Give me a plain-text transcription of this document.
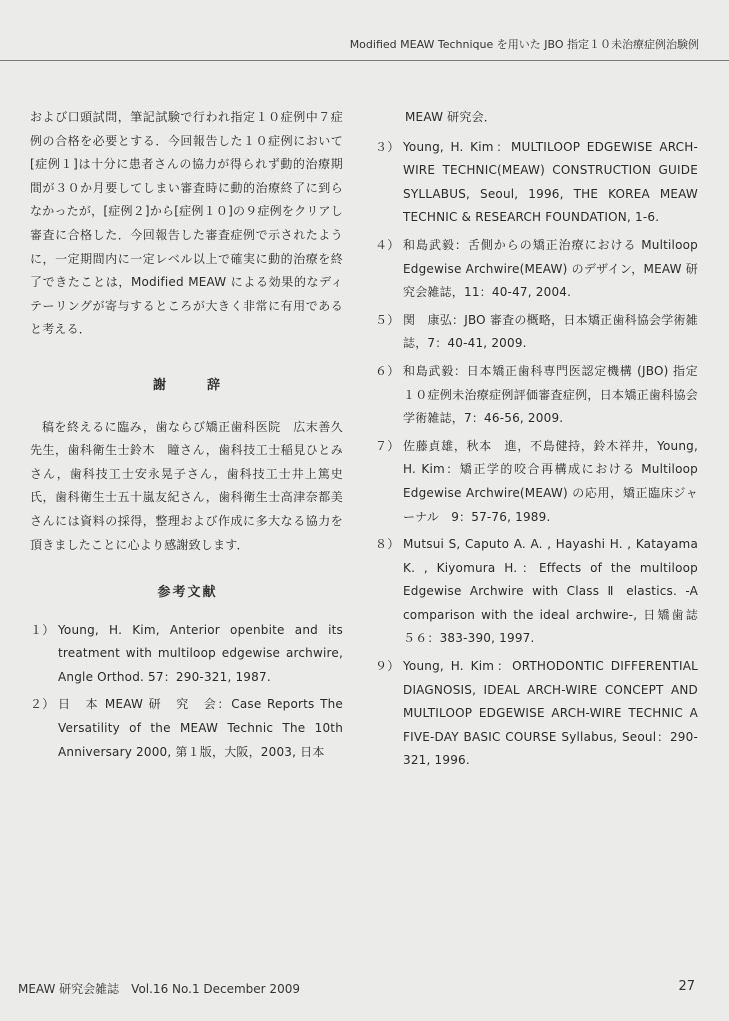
Modified MEAW Technique を用いた JBO 指定１０未治療症例治験例

および口頭試問，筆記試験で行われ指定１０症例中７症例の合格を必要とする．今回報告した１０症例において[症例１]は十分に患者さんの協力が得られず動的治療期間が３０か月要してしまい審査時に動的治療終了に到らなかったが，[症例２]から[症例１０]の９症例をクリアし審査に合格した．今回報告した審査症例で示されたように，一定期間内に一定レベル以上で確実に動的治療を終了できたことは，Modified MEAW による効果的なディテーリングが寄与するところが大きく非常に有用であると考える．

謝　辞

稿を終えるに臨み，歯ならび矯正歯科医院　広末善久先生，歯科衛生士鈴木　瞳さん，歯科技工士稲見ひとみさん，歯科技工士安永晃子さん，歯科技工士井上篤史氏，歯科衛生士五十嵐友紀さん，歯科衛生士高津奈都美さんには資料の採得，整理および作成に多大なる協力を頂きましたことに心より感謝致します．

参考文献
１） Young, H. Kim, Anterior openbite and its treatment with multiloop edgewise archwire, Angle Orthod. 57：290-321, 1987.
２） 日　本 MEAW 研　究　会：Case Reports The Versatility of the MEAW Technic The 10th Anniversary 2000, 第１版，大阪，2003, 日本
MEAW 研究会．
３） Young, H. Kim：MULTILOOP EDGEWISE ARCH-WIRE TECHNIC(MEAW) CONSTRUCTION GUIDE SYLLABUS, Seoul, 1996, THE KOREA MEAW TECHNIC & RESEARCH FOUNDATION, 1-6.
４） 和島武毅：舌側からの矯正治療における Multiloop Edgewise Archwire(MEAW) のデザイン，MEAW 研究会雑誌，11：40-47, 2004.
５） 関　康弘：JBO 審査の概略，日本矯正歯科協会学術雑誌，7：40-41, 2009.
６） 和島武毅：日本矯正歯科専門医認定機構 (JBO) 指定１０症例未治療症例評価審査症例，日本矯正歯科協会学術雑誌，7：46-56, 2009.
７） 佐藤貞雄，秋本　進，不島健持，鈴木祥井，Young, H. Kim：矯正学的咬合再構成における Multiloop Edgewise Archwire(MEAW) の応用，矯正臨床ジャーナル　9：57-76, 1989.
８） Mutsui S, Caputo A. A. , Hayashi H. , Katayama K. , Kiyomura H.：Effects of the multiloop Edgewise Archwire with Class Ⅱ elastics. -A comparison with the ideal archwire-, 日矯歯誌　５６：383-390, 1997.
９） Young, H. Kim：ORTHODONTIC DIFFERENTIAL DIAGNOSIS, IDEAL ARCH-WIRE CONCEPT AND MULTILOOP EDGEWISE ARCH-WIRE TECHNIC A FIVE-DAY BASIC COURSE Syllabus, Seoul：290-321, 1996.
MEAW 研究会雑誌　Vol.16 No.1 December 2009	27
